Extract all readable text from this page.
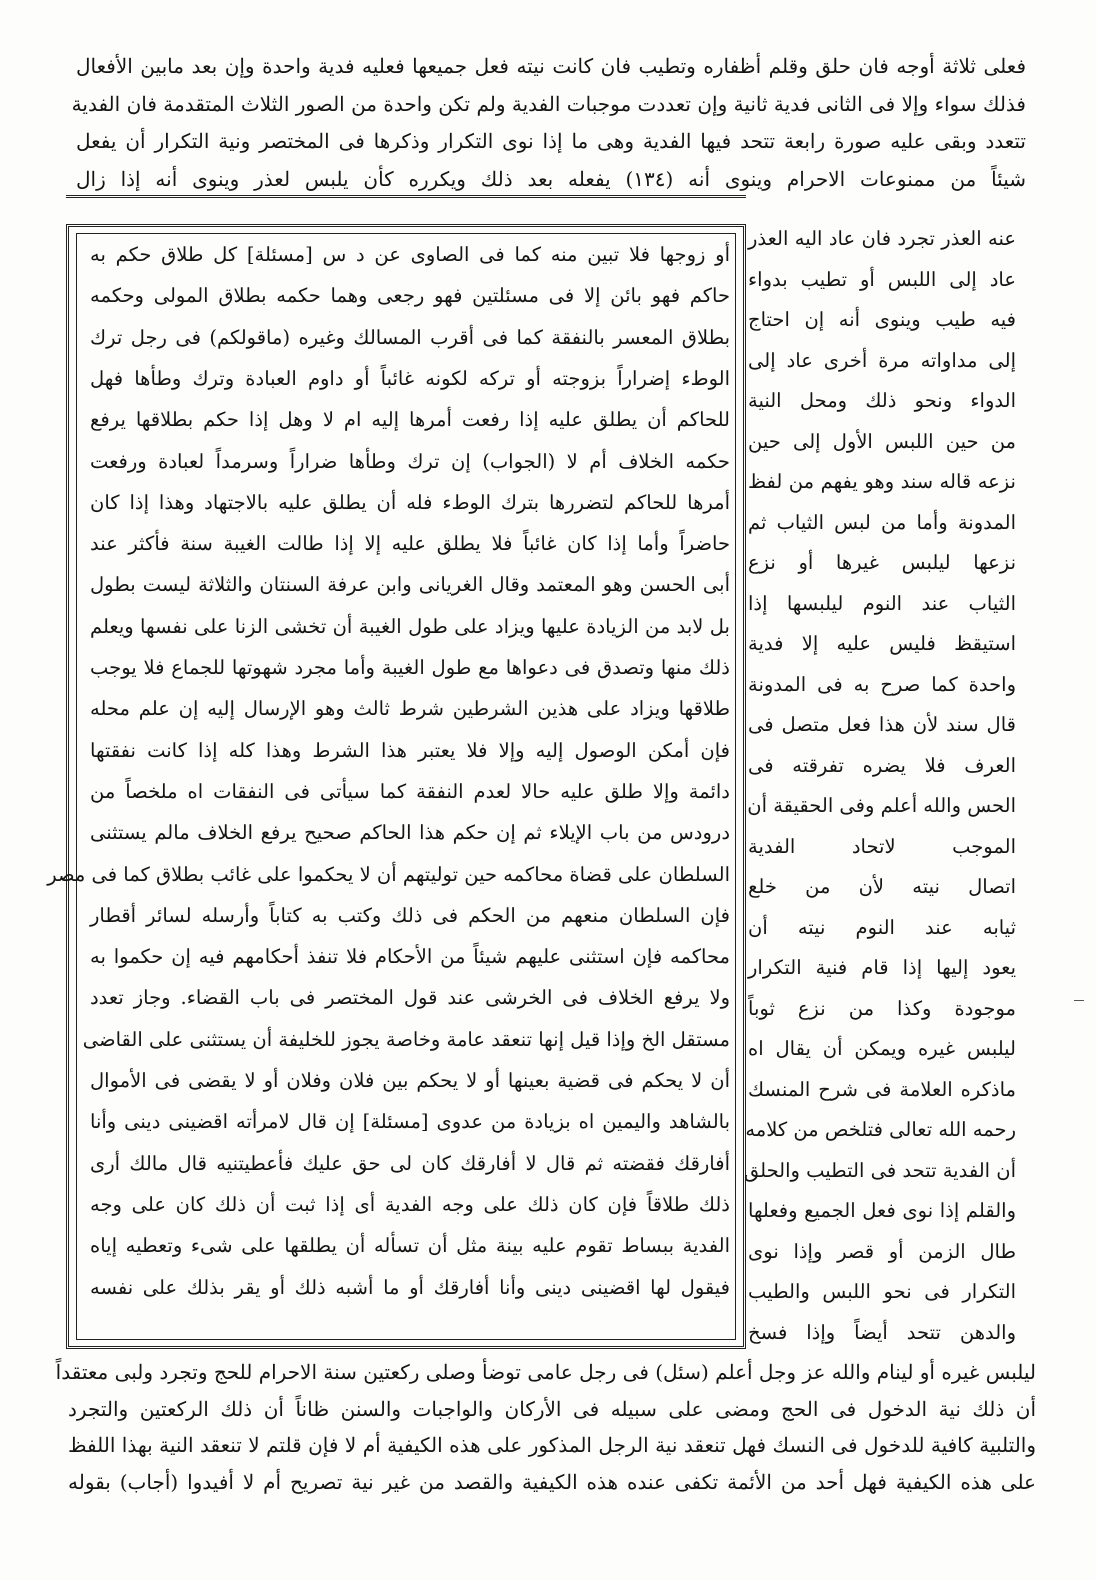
فعلى ثلاثة أوجه فان حلق وقلم أظفاره وتطيب فان كانت نيته فعل جميعها فعليه فدية واحدة وإن بعد مابين الأفعال
فذلك سواء وإلا فى الثانى فدية ثانية وإن تعددت موجبات الفدية ولم تكن واحدة من الصور الثلاث المتقدمة فان الفدية
تتعدد وبقى عليه صورة رابعة تتحد فيها الفدية وهى ما إذا نوى التكرار وذكرها فى المختصر ونية التكرار أن يفعل
شيئاً من ممنوعات الاحرام وينوى أنه (١٣٤) يفعله بعد ذلك ويكرره كأن يلبس لعذر وينوى أنه إذا زال
عنه العذر تجرد فان عاد اليه العذر
عاد إلى اللبس أو تطيب بدواء
فيه طيب وينوى أنه إن احتاج
إلى مداواته مرة أخرى عاد إلى
الدواء ونحو ذلك ومحل النية
من حين اللبس الأول إلى حين
نزعه قاله سند وهو يفهم من لفظ
المدونة وأما من لبس الثياب ثم
نزعها ليلبس غيرها أو نزع
الثياب عند النوم ليلبسها إذا
استيقظ فليس عليه إلا فدية
واحدة كما صرح به فى المدونة
قال سند لأن هذا فعل متصل فى
العرف فلا يضره تفرقته فى
الحس والله أعلم وفى الحقيقة أن
الموجب لاتحاد الفدية
اتصال نيته لأن من خلع
ثيابه عند النوم نيته أن
يعود إليها إذا قام فنية التكرار
موجودة وكذا من نزع ثوباً
ليلبس غيره ويمكن أن يقال اه
ماذكره العلامة فى شرح المنسك
رحمه الله تعالى فتلخص من كلامه
أن الفدية تتحد فى التطيب والحلق
والقلم إذا نوى فعل الجميع وفعلها
طال الزمن أو قصر وإذا نوى
التكرار فى نحو اللبس والطيب
والدهن تتحد أيضاً وإذا فسخ
أو زوجها فلا تبين منه كما فى الصاوى عن د س [مسئلة] كل طلاق حكم به
حاكم فهو بائن إلا فى مسئلتين فهو رجعى وهما حكمه بطلاق المولى وحكمه
بطلاق المعسر بالنفقة كما فى أقرب المسالك وغيره (ماقولكم) فى رجل ترك
الوطء إضراراً بزوجته أو تركه لكونه غائباً أو داوم العبادة وترك وطأها فهل
للحاكم أن يطلق عليه إذا رفعت أمرها إليه ام لا وهل إذا حكم بطلاقها يرفع
حكمه الخلاف أم لا (الجواب) إن ترك وطأها ضراراً وسرمداً لعبادة ورفعت
أمرها للحاكم لتضررها بترك الوطء فله أن يطلق عليه بالاجتهاد وهذا إذا كان
حاضراً وأما إذا كان غائباً فلا يطلق عليه إلا إذا طالت الغيبة سنة فأكثر عند
أبى الحسن وهو المعتمد وقال الغريانى وابن عرفة السنتان والثلاثة ليست بطول
بل لابد من الزيادة عليها ويزاد على طول الغيبة أن تخشى الزنا على نفسها ويعلم
ذلك منها وتصدق فى دعواها مع طول الغيبة وأما مجرد شهوتها للجماع فلا يوجب
طلاقها ويزاد على هذين الشرطين شرط ثالث وهو الإرسال إليه إن علم محله
فإن أمكن الوصول إليه وإلا فلا يعتبر هذا الشرط وهذا كله إذا كانت نفقتها
دائمة وإلا طلق عليه حالا لعدم النفقة كما سيأتى فى النفقات اه ملخصاً من
درودس من باب الإيلاء ثم إن حكم هذا الحاكم صحيح يرفع الخلاف مالم يستثنى
السلطان على قضاة محاكمه حين توليتهم أن لا يحكموا على غائب بطلاق كما فى مصر
فإن السلطان منعهم من الحكم فى ذلك وكتب به كتاباً وأرسله لسائر أقطار
محاكمه فإن استثنى عليهم شيئاً من الأحكام فلا تنفذ أحكامهم فيه إن حكموا به
ولا يرفع الخلاف فى الخرشى عند قول المختصر فى باب القضاء. وجاز تعدد
مستقل الخ وإذا قيل إنها تنعقد عامة وخاصة يجوز للخليفة أن يستثنى على القاضى
أن لا يحكم فى قضية بعينها أو لا يحكم بين فلان وفلان أو لا يقضى فى الأموال
بالشاهد واليمين اه بزيادة من عدوى [مسئلة] إن قال لامرأته اقضينى دينى وأنا
أفارقك فقضته ثم قال لا أفارقك كان لى حق عليك فأعطيتنيه قال مالك أرى
ذلك طلاقاً فإن كان ذلك على وجه الفدية أى إذا ثبت أن ذلك كان على وجه
الفدية ببساط تقوم عليه بينة مثل أن تسأله أن يطلقها على شىء وتعطيه إياه
فيقول لها اقضينى دينى وأنا أفارقك أو ما أشبه ذلك أو يقر بذلك على نفسه
ليلبس غيره أو لينام والله عز وجل أعلم (سئل) فى رجل عامى توضأ وصلى ركعتين سنة الاحرام للحج وتجرد ولبى معتقداً
أن ذلك نية الدخول فى الحج ومضى على سبيله فى الأركان والواجبات والسنن ظاناً أن ذلك الركعتين والتجرد
والتلبية كافية للدخول فى النسك فهل تنعقد نية الرجل المذكور على هذه الكيفية أم لا فإن قلتم لا تنعقد النية بهذا اللفظ
على هذه الكيفية فهل أحد من الأئمة تكفى عنده هذه الكيفية والقصد من غير نية تصريح أم لا أفيدوا (أجاب) بقوله
